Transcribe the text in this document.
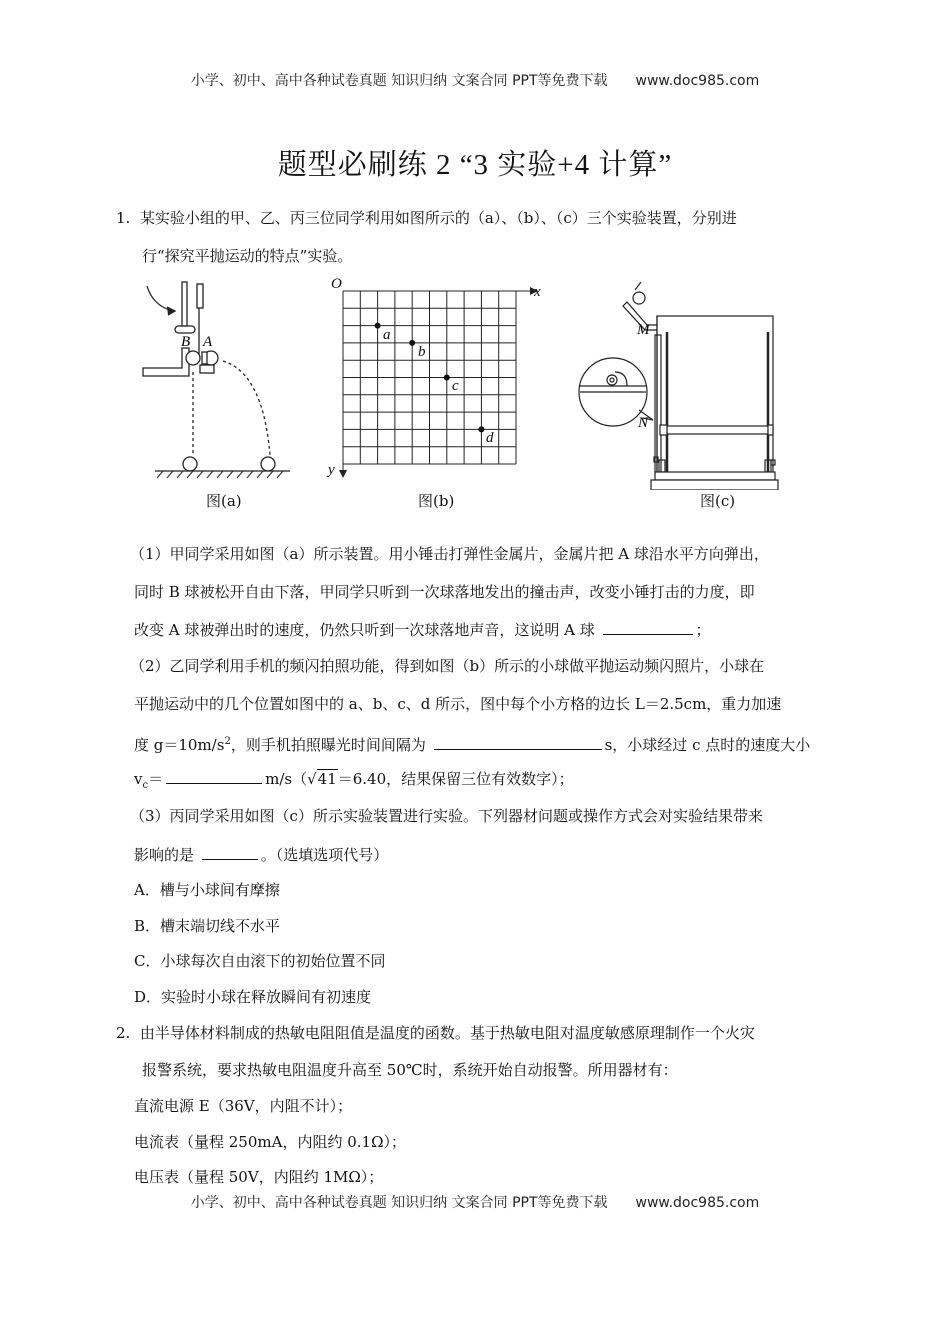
小学、初中、高中各种试卷真题 知识归纳 文案合同 PPT等免费下载 www.doc985.com
题型必刷练 2 “3 实验+4 计算”
1. 某实验小组的甲、乙、丙三位同学利用如图所示的（a）、（b）、（c）三个实验装置，分别进
行“探究平抛运动的特点”实验。
B A
图(a)
O	x
y
a
b
c
d
图(b)
M
N
图(c)
（1）甲同学采用如图（a）所示装置。用小锤击打弹性金属片，金属片把 A 球沿水平方向弹出，
同时 B 球被松开自由下落，甲同学只听到一次球落地发出的撞击声，改变小锤打击的力度，即
改变 A 球被弹出时的速度，仍然只听到一次球落地声音，这说明 A 球	；
（2）乙同学利用手机的频闪拍照功能，得到如图（b）所示的小球做平抛运动频闪照片，小球在
平抛运动中的几个位置如图中的 a、b、c、d 所示，图中每个小方格的边长 L＝2.5cm，重力加速
度 $g=10m/s^2$，则手机拍照曝光时间间隔为	s，小球经过 c 点时的速度大小
$v_c=$	m/s（√41＝6.40，结果保留三位有效数字）；
（3）丙同学采用如图（c）所示实验装置进行实验。下列器材问题或操作方式会对实验结果带来
影响的是	。（选填选项代号）
A．槽与小球间有摩擦
B．槽末端切线不水平
C．小球每次自由滚下的初始位置不同
D．实验时小球在释放瞬间有初速度
2. 由半导体材料制成的热敏电阻阻值是温度的函数。基于热敏电阻对温度敏感原理制作一个火灾
报警系统，要求热敏电阻温度升高至 50℃时，系统开始自动报警。所用器材有：
直流电源 E（36V，内阻不计）；
电流表（量程 250mA，内阻约 0.1Ω）；
电压表（量程 50V，内阻约 1MΩ）；
小学、初中、高中各种试卷真题 知识归纳 文案合同 PPT等免费下载 www.doc985.com
